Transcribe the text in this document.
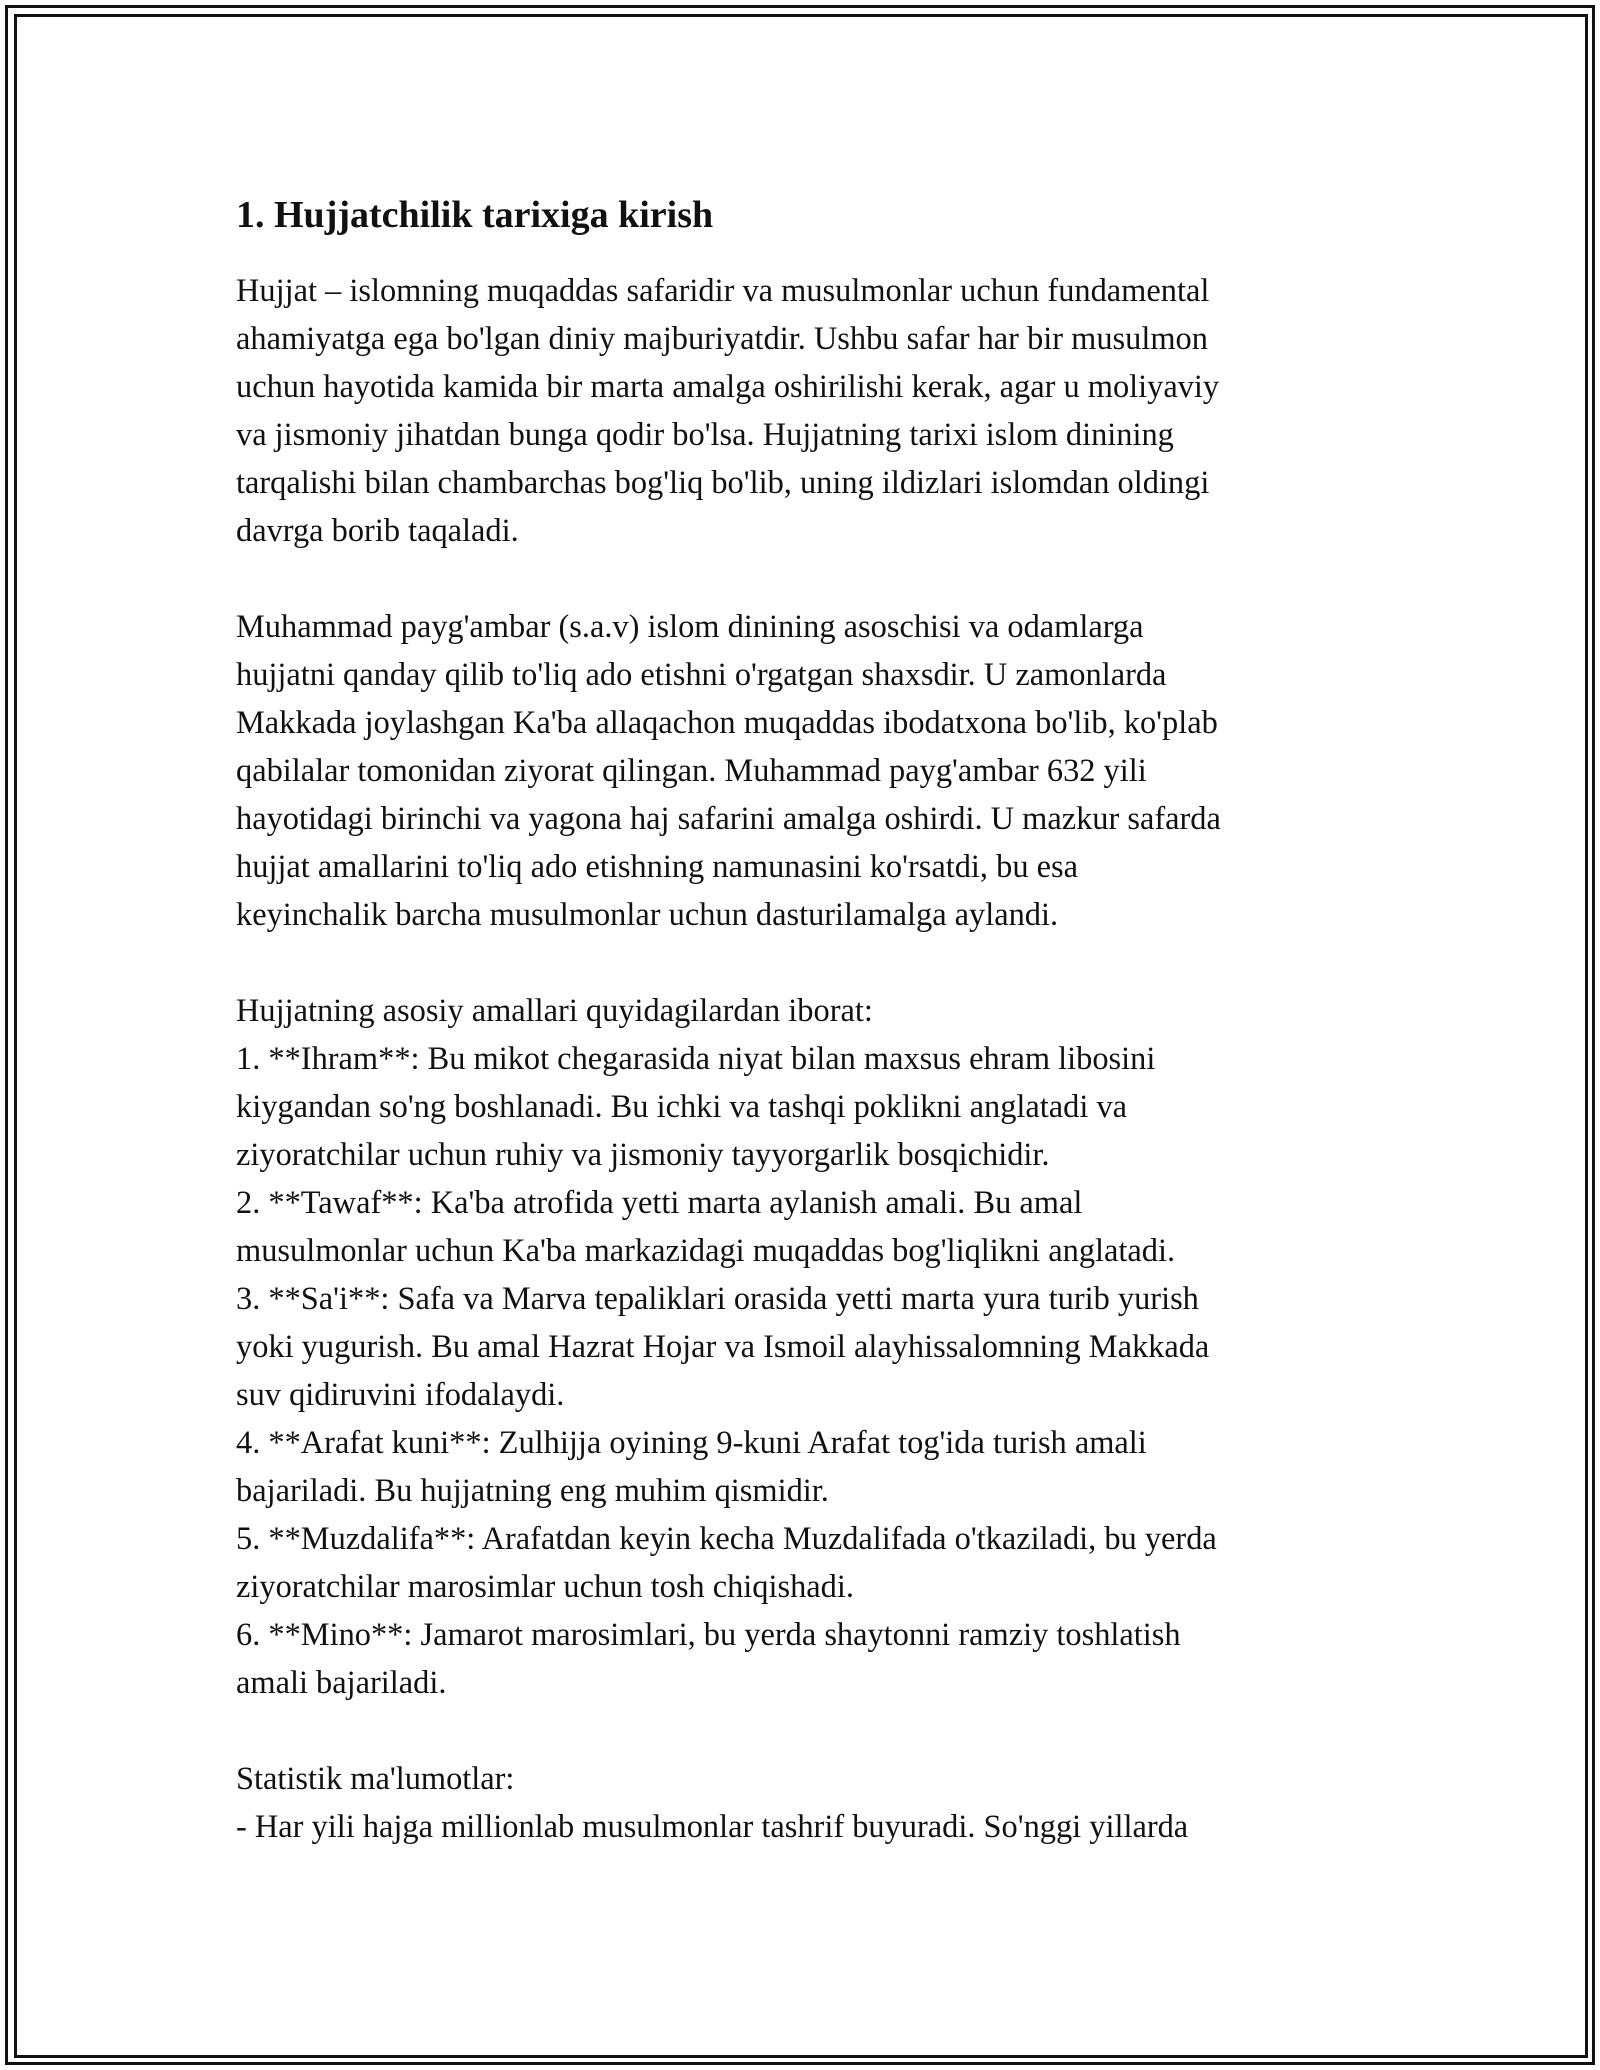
1. Hujjatchilik tarixiga kirish

Hujjat – islomning muqaddas safaridir va musulmonlar uchun fundamental
ahamiyatga ega bo'lgan diniy majburiyatdir. Ushbu safar har bir musulmon
uchun hayotida kamida bir marta amalga oshirilishi kerak, agar u moliyaviy
va jismoniy jihatdan bunga qodir bo'lsa. Hujjatning tarixi islom dinining
tarqalishi bilan chambarchas bog'liq bo'lib, uning ildizlari islomdan oldingi
davrga borib taqaladi.

Muhammad payg'ambar (s.a.v) islom dinining asoschisi va odamlarga
hujjatni qanday qilib to'liq ado etishni o'rgatgan shaxsdir. U zamonlarda
Makkada joylashgan Ka'ba allaqachon muqaddas ibodatxona bo'lib, ko'plab
qabilalar tomonidan ziyorat qilingan. Muhammad payg'ambar 632 yili
hayotidagi birinchi va yagona haj safarini amalga oshirdi. U mazkur safarda
hujjat amallarini to'liq ado etishning namunasini ko'rsatdi, bu esa
keyinchalik barcha musulmonlar uchun dasturilamalga aylandi.

Hujjatning asosiy amallari quyidagilardan iborat:
1. **Ihram**: Bu mikot chegarasida niyat bilan maxsus ehram libosini
kiygandan so'ng boshlanadi. Bu ichki va tashqi poklikni anglatadi va
ziyoratchilar uchun ruhiy va jismoniy tayyorgarlik bosqichidir.
2. **Tawaf**: Ka'ba atrofida yetti marta aylanish amali. Bu amal
musulmonlar uchun Ka'ba markazidagi muqaddas bog'liqlikni anglatadi.
3. **Sa'i**: Safa va Marva tepaliklari orasida yetti marta yura turib yurish
yoki yugurish. Bu amal Hazrat Hojar va Ismoil alayhissalomning Makkada
suv qidiruvini ifodalaydi.
4. **Arafat kuni**: Zulhijja oyining 9-kuni Arafat tog'ida turish amali
bajariladi. Bu hujjatning eng muhim qismidir.
5. **Muzdalifa**: Arafatdan keyin kecha Muzdalifada o'tkaziladi, bu yerda
ziyoratchilar marosimlar uchun tosh chiqishadi.
6. **Mino**: Jamarot marosimlari, bu yerda shaytonni ramziy toshlatish
amali bajariladi.

Statistik ma'lumotlar:
- Har yili hajga millionlab musulmonlar tashrif buyuradi. So'nggi yillarda
